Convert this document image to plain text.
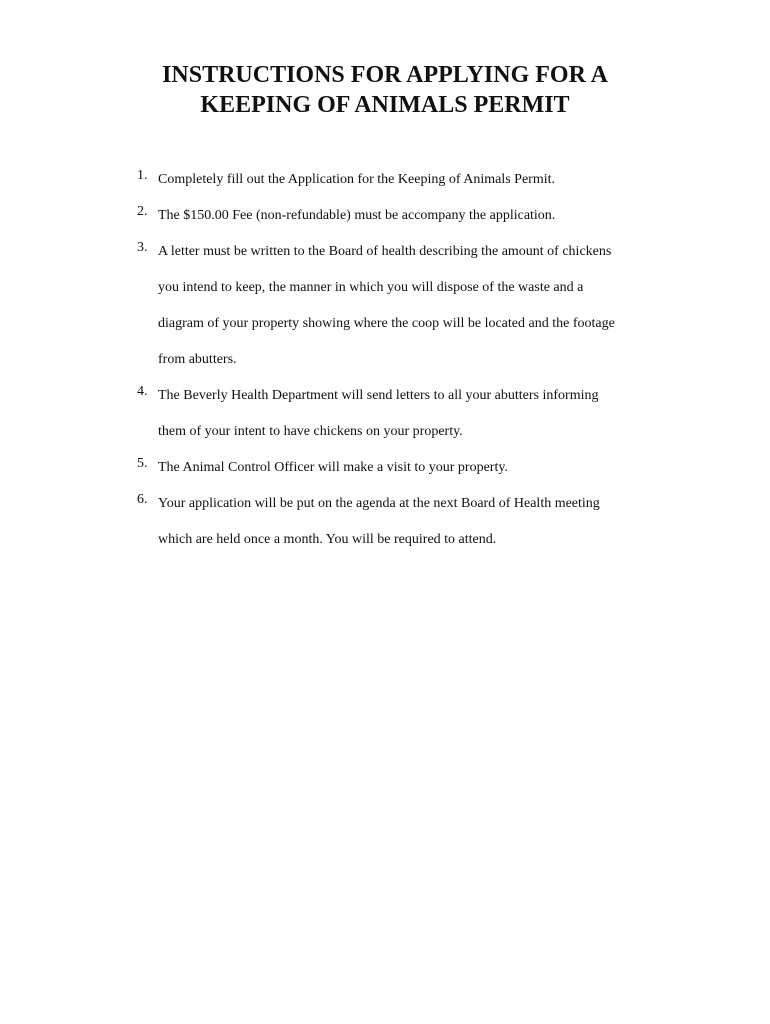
INSTRUCTIONS FOR APPLYING FOR A
KEEPING OF ANIMALS PERMIT
1. Completely fill out the Application for the Keeping of Animals Permit.
2. The $150.00 Fee (non-refundable) must be accompany the application.
3. A letter must be written to the Board of health describing the amount of chickens
you intend to keep, the manner in which you will dispose of the waste and a
diagram of your property showing where the coop will be located and the footage
from abutters.
4. The Beverly Health Department will send letters to all your abutters informing
them of your intent to have chickens on your property.
5. The Animal Control Officer will make a visit to your property.
6. Your application will be put on the agenda at the next Board of Health meeting
which are held once a month. You will be required to attend.
